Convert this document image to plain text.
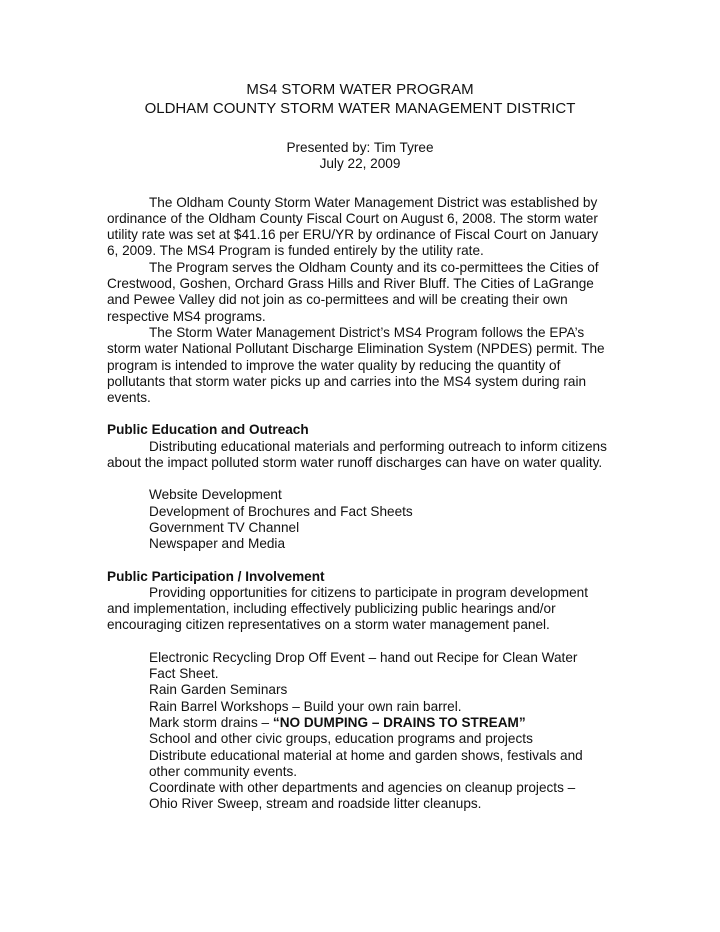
MS4 STORM WATER PROGRAM
OLDHAM COUNTY STORM WATER MANAGEMENT DISTRICT
Presented by: Tim Tyree
July 22, 2009

The Oldham County Storm Water Management District was established by ordinance of the Oldham County Fiscal Court on August 6, 2008. The storm water utility rate was set at $41.16 per ERU/YR by ordinance of Fiscal Court on January 6, 2009. The MS4 Program is funded entirely by the utility rate.

The Program serves the Oldham County and its co-permittees the Cities of Crestwood, Goshen, Orchard Grass Hills and River Bluff. The Cities of LaGrange and Pewee Valley did not join as co-permittees and will be creating their own respective MS4 programs.

The Storm Water Management District’s MS4 Program follows the EPA’s storm water National Pollutant Discharge Elimination System (NPDES) permit. The program is intended to improve the water quality by reducing the quantity of pollutants that storm water picks up and carries into the MS4 system during rain events.

Public Education and Outreach

Distributing educational materials and performing outreach to inform citizens about the impact polluted storm water runoff discharges can have on water quality.

Website Development
Development of Brochures and Fact Sheets
Government TV Channel
Newspaper and Media
Public Participation / Involvement

Providing opportunities for citizens to participate in program development and implementation, including effectively publicizing public hearings and/or encouraging citizen representatives on a storm water management panel.

Electronic Recycling Drop Off Event – hand out Recipe for Clean Water Fact Sheet.
Rain Garden Seminars
Rain Barrel Workshops – Build your own rain barrel.
Mark storm drains – “NO DUMPING – DRAINS TO STREAM”
School and other civic groups, education programs and projects
Distribute educational material at home and garden shows, festivals and other community events.
Coordinate with other departments and agencies on cleanup projects – Ohio River Sweep, stream and roadside litter cleanups.
